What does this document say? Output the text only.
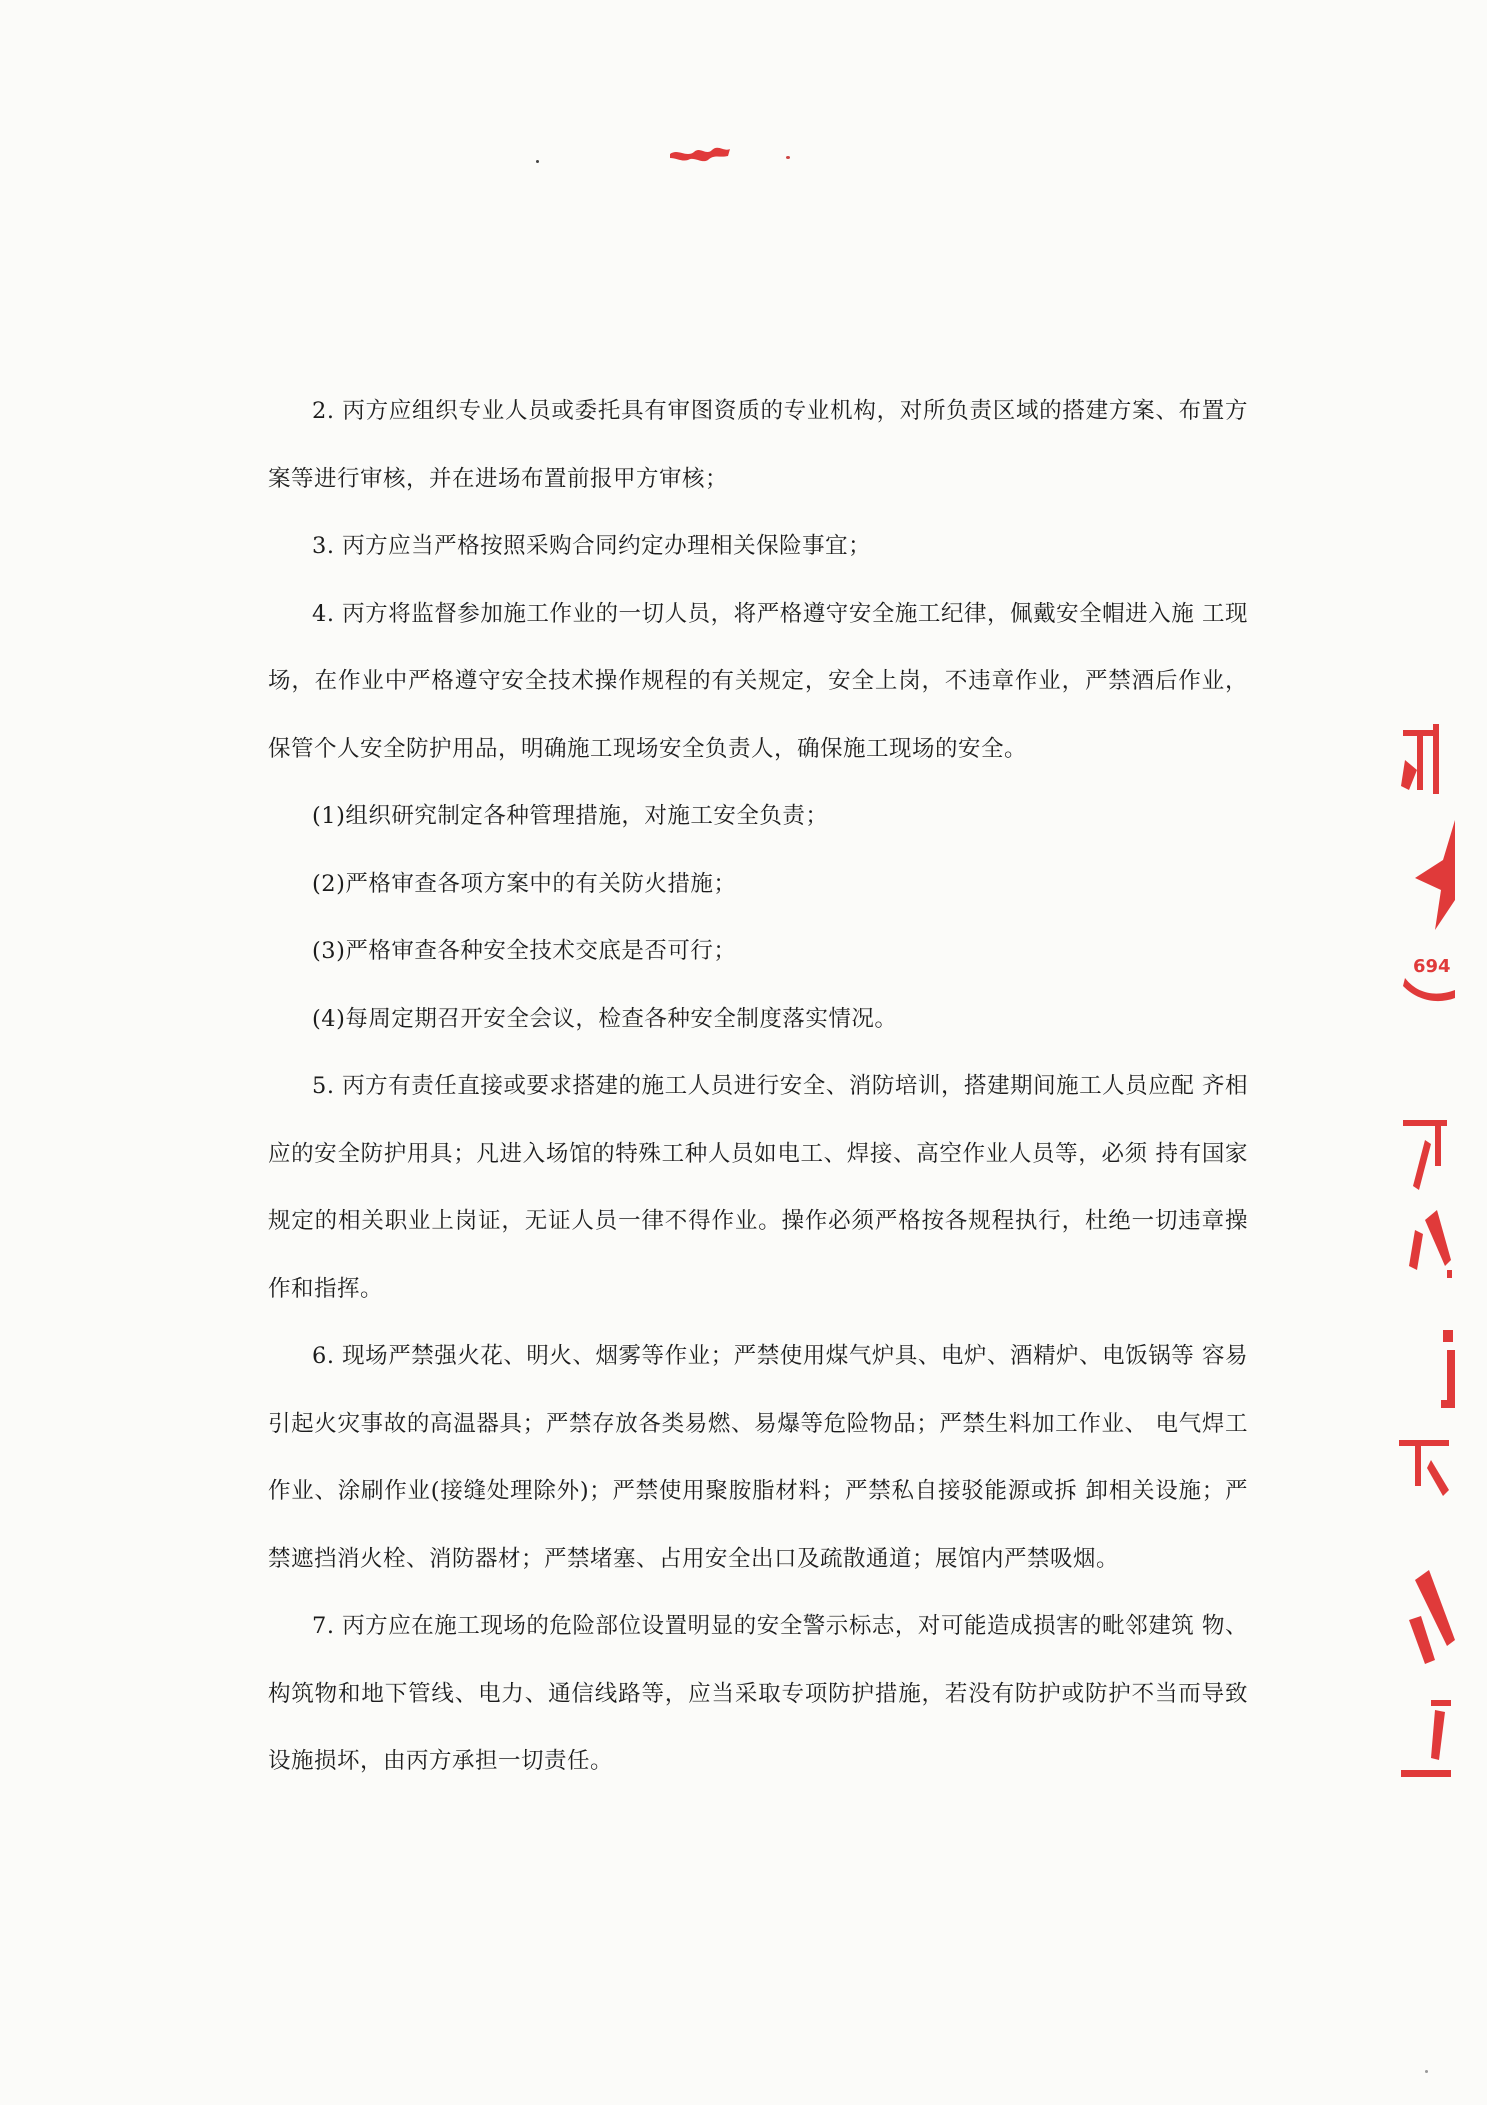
2. 丙方应组织专业人员或委托具有审图资质的专业机构，对所负责区域的搭建方案、布置方案等进行审核，并在进场布置前报甲方审核；

3. 丙方应当严格按照采购合同约定办理相关保险事宜；

4. 丙方将监督参加施工作业的一切人员，将严格遵守安全施工纪律，佩戴安全帽进入施 工现场，在作业中严格遵守安全技术操作规程的有关规定，安全上岗，不违章作业，严禁酒后作业，保管个人安全防护用品，明确施工现场安全负责人，确保施工现场的安全。

(1)组织研究制定各种管理措施，对施工安全负责；

(2)严格审查各项方案中的有关防火措施；

(3)严格审查各种安全技术交底是否可行；

(4)每周定期召开安全会议，检查各种安全制度落实情况。

5. 丙方有责任直接或要求搭建的施工人员进行安全、消防培训，搭建期间施工人员应配 齐相应的安全防护用具；凡进入场馆的特殊工种人员如电工、焊接、高空作业人员等，必须 持有国家规定的相关职业上岗证，无证人员一律不得作业。操作必须严格按各规程执行，杜绝一切违章操作和指挥。

6. 现场严禁强火花、明火、烟雾等作业；严禁使用煤气炉具、电炉、酒精炉、电饭锅等 容易引起火灾事故的高温器具；严禁存放各类易燃、易爆等危险物品；严禁生料加工作业、 电气焊工作业、涂刷作业(接缝处理除外)；严禁使用聚胺脂材料；严禁私自接驳能源或拆 卸相关设施；严禁遮挡消火栓、消防器材；严禁堵塞、占用安全出口及疏散通道；展馆内严禁吸烟。

7. 丙方应在施工现场的危险部位设置明显的安全警示标志，对可能造成损害的毗邻建筑 物、构筑物和地下管线、电力、通信线路等，应当采取专项防护措施，若没有防护或防护不当而导致设施损坏，由丙方承担一切责任。

694
